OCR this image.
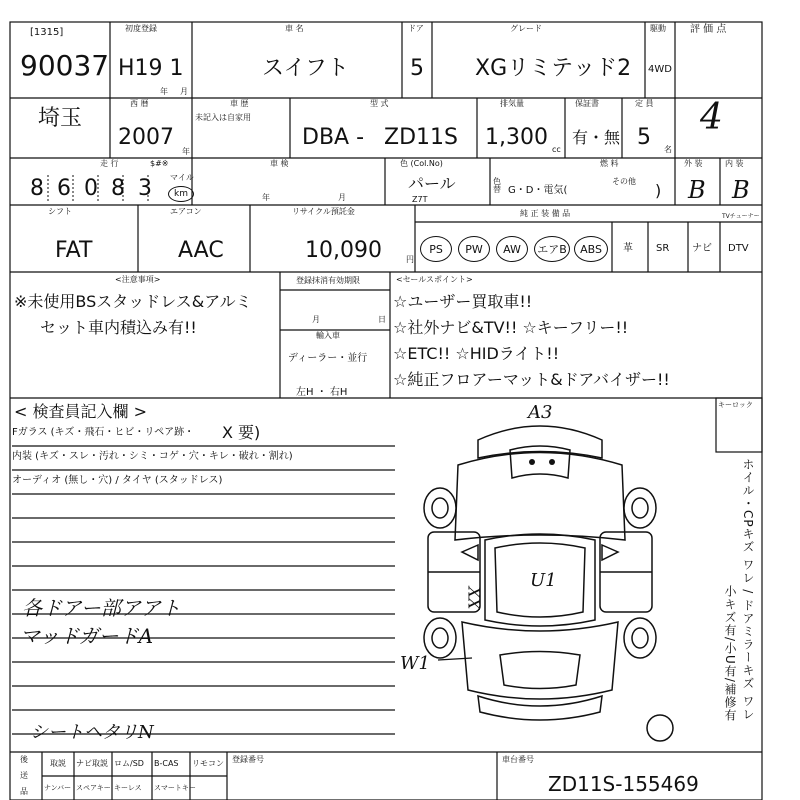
[1315]
90037
初度登録
H19 1
年 月
車 名
スイフト
ドア
5
グレード
XGリミテッド2
駆動
4WD
評 価 点
4
埼玉
西 暦
2007
年
車 歴
未記入は自家用
型 式
DBA - ZD11S
排気量
1,300 cc
保証書
有・無
定 員
5 名
走 行	$#※
86083 マイル
km
車 検
年	月
色 (Col.No)
パール
Z7T
色替
燃 料
G・D・電気(
その他 )
外 装
B
内 装
B
シフト
FAT
エアコン
AAC
リサイクル預託金
10,090	円
純 正 装 備 品
PS	PW	AW	エアB	ABS	革 SR ナビ
TVチューナー
DTV
<注意事項>
※未使用BSスタッドレス&アルミ
セット車内積込み有!!
登録抹消有効期限
月	日
輸入車
ディーラー・並行
左H ・ 右H
<セールスポイント>
☆ユーザー買取車!!
☆社外ナビ&TV!! ☆キーフリー!!
☆ETC!! ☆HIDライト!!
☆純正フロアーマット&ドアバイザー!!
< 検査員記入欄 >
Fガラス (キズ・飛石・ヒビ・リペア跡・ X 要)
内装 (キズ・スレ・汚れ・シミ・コゲ・穴・キレ・破れ・割れ)
オーディオ (無し・穴) / タイヤ (スタッドレス)
各ドアー部アアト
マッドガードA
シートヘタリN
キーロック
ホイル・CPキズ ワレ / ドアミラーキズ ワレ
小キズ有/小U有/補修有
A3
U1
XX
W1
後
送
品
取説 ナビ取説 ロム/SD B-CAS リモコン
ナンバー スペアキー キーレス スマートキー
登録番号	車台番号
ZD11S-155469
